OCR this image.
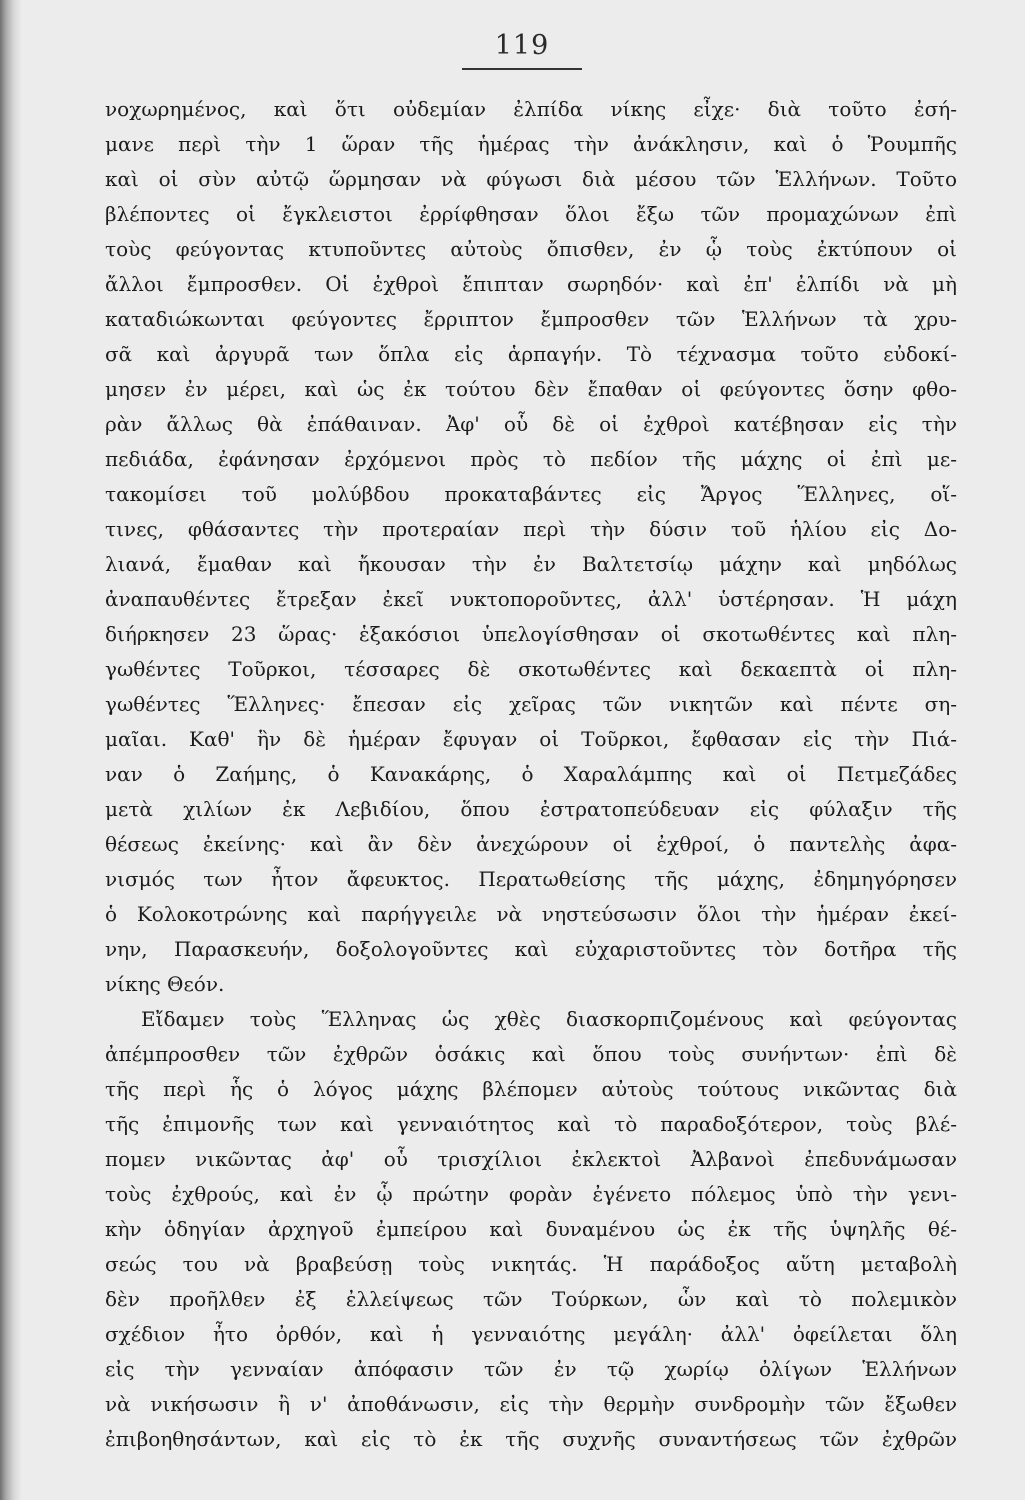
119
νοχωρημένος, καὶ ὅτι οὐδεμίαν ἐλπίδα νίκης εἶχε· διὰ τοῦτο ἐσή-
μανε περὶ τὴν 1 ὥραν τῆς ἡμέρας τὴν ἀνάκλησιν, καὶ ὁ Ῥουμπῆς
καὶ οἱ σὺν αὐτῷ ὥρμησαν νὰ φύγωσι διὰ μέσου τῶν Ἑλλήνων. Τοῦτο
βλέποντες οἱ ἔγκλειστοι ἐρρίφθησαν ὅλοι ἔξω τῶν προμαχώνων ἐπὶ
τοὺς φεύγοντας κτυποῦντες αὐτοὺς ὄπισθεν, ἐν ᾧ τοὺς ἐκτύπουν οἱ
ἄλλοι ἔμπροσθεν. Οἱ ἐχθροὶ ἔπιπταν σωρηδόν· καὶ ἐπ' ἐλπίδι νὰ μὴ
καταδιώκωνται φεύγοντες ἔρριπτον ἔμπροσθεν τῶν Ἑλλήνων τὰ χρυ-
σᾶ καὶ ἀργυρᾶ των ὅπλα εἰς ἁρπαγήν. Τὸ τέχνασμα τοῦτο εὐδοκί-
μησεν ἐν μέρει, καὶ ὡς ἐκ τούτου δὲν ἔπαθαν οἱ φεύγοντες ὅσην φθο-
ρὰν ἄλλως θὰ ἐπάθαιναν. Ἀφ' οὗ δὲ οἱ ἐχθροὶ κατέβησαν εἰς τὴν
πεδιάδα, ἐφάνησαν ἐρχόμενοι πρὸς τὸ πεδίον τῆς μάχης οἱ ἐπὶ με-
τακομίσει τοῦ μολύβδου προκαταβάντες εἰς Ἄργος Ἕλληνες, οἵ-
τινες, φθάσαντες τὴν προτεραίαν περὶ τὴν δύσιν τοῦ ἡλίου εἰς Δο-
λιανά, ἔμαθαν καὶ ἤκουσαν τὴν ἐν Βαλτετσίῳ μάχην καὶ μηδόλως
ἀναπαυθέντες ἔτρεξαν ἐκεῖ νυκτοποροῦντες, ἀλλ' ὑστέρησαν. Ἡ μάχη
διήρκησεν 23 ὥρας· ἑξακόσιοι ὑπελογίσθησαν οἱ σκοτωθέντες καὶ πλη-
γωθέντες Τοῦρκοι, τέσσαρες δὲ σκοτωθέντες καὶ δεκαεπτὰ οἱ πλη-
γωθέντες Ἕλληνες· ἔπεσαν εἰς χεῖρας τῶν νικητῶν καὶ πέντε ση-
μαῖαι. Καθ' ἣν δὲ ἡμέραν ἔφυγαν οἱ Τοῦρκοι, ἔφθασαν εἰς τὴν Πιά-
ναν ὁ Ζαήμης, ὁ Κανακάρης, ὁ Χαραλάμπης καὶ οἱ Πετμεζάδες
μετὰ χιλίων ἐκ Λεβιδίου, ὅπου ἐστρατοπεύδευαν εἰς φύλαξιν τῆς
θέσεως ἐκείνης· καὶ ἂν δὲν ἀνεχώρουν οἱ ἐχθροί, ὁ παντελὴς ἀφα-
νισμός των ἦτον ἄφευκτος. Περατωθείσης τῆς μάχης, ἐδημηγόρησεν
ὁ Κολοκοτρώνης καὶ παρήγγειλε νὰ νηστεύσωσιν ὅλοι τὴν ἡμέραν ἐκεί-
νην, Παρασκευήν, δοξολογοῦντες καὶ εὐχαριστοῦντες τὸν δοτῆρα τῆς
νίκης Θεόν.
Εἴδαμεν τοὺς Ἕλληνας ὡς χθὲς διασκορπιζομένους καὶ φεύγοντας
ἀπέμπροσθεν τῶν ἐχθρῶν ὁσάκις καὶ ὅπου τοὺς συνήντων· ἐπὶ δὲ
τῆς περὶ ἧς ὁ λόγος μάχης βλέπομεν αὐτοὺς τούτους νικῶντας διὰ
τῆς ἐπιμονῆς των καὶ γενναιότητος καὶ τὸ παραδοξότερον, τοὺς βλέ-
πομεν νικῶντας ἀφ' οὗ τρισχίλιοι ἐκλεκτοὶ Ἀλβανοὶ ἐπεδυνάμωσαν
τοὺς ἐχθρούς, καὶ ἐν ᾧ πρώτην φορὰν ἐγένετο πόλεμος ὑπὸ τὴν γενι-
κὴν ὁδηγίαν ἀρχηγοῦ ἐμπείρου καὶ δυναμένου ὡς ἐκ τῆς ὑψηλῆς θέ-
σεώς του νὰ βραβεύσῃ τοὺς νικητάς. Ἡ παράδοξος αὕτη μεταβολὴ
δὲν προῆλθεν ἐξ ἐλλείψεως τῶν Τούρκων, ὧν καὶ τὸ πολεμικὸν
σχέδιον ἦτο ὀρθόν, καὶ ἡ γενναιότης μεγάλη· ἀλλ' ὀφείλεται ὅλη
εἰς τὴν γενναίαν ἀπόφασιν τῶν ἐν τῷ χωρίῳ ὀλίγων Ἑλλήνων
νὰ νικήσωσιν ἢ ν' ἀποθάνωσιν, εἰς τὴν θερμὴν συνδρομὴν τῶν ἔξωθεν
ἐπιβοηθησάντων, καὶ εἰς τὸ ἐκ τῆς συχνῆς συναντήσεως τῶν ἐχθρῶν
